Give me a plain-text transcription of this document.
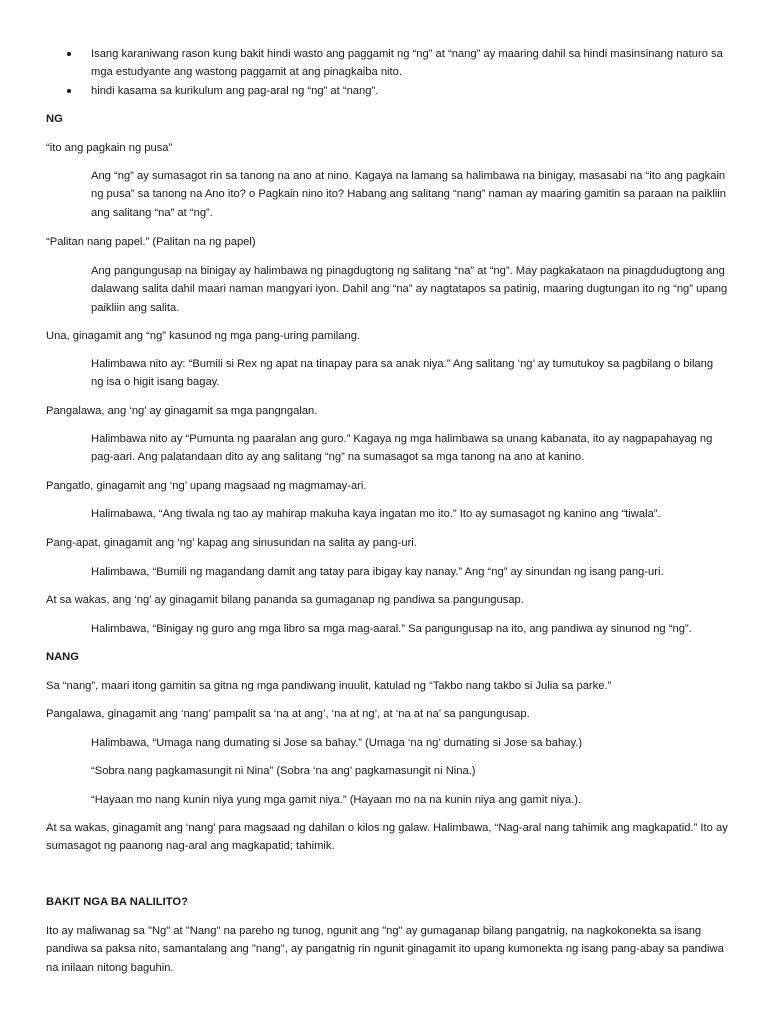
Isang karaniwang rason kung bakit hindi wasto ang paggamit ng “ng” at “nang” ay maaring dahil sa hindi masinsinang naturo sa mga estudyante ang wastong paggamit at ang pinagkaiba nito.

hindi kasama sa kurikulum ang pag-aral ng “ng” at “nang”.

NG

“ito ang pagkain ng pusa”

Ang “ng” ay sumasagot rin sa tanong na ano at nino. Kagaya na lamang sa halimbawa na binigay, masasabi na “ito ang pagkain ng pusa” sa tanong na Ano ito? o Pagkain nino ito? Habang ang salitang “nang” naman ay maaring gamitin sa paraan na paikliin ang salitang “na” at “ng”.

“Palitan nang papel.” (Palitan na ng papel)

Ang pangungusap na binigay ay halimbawa ng pinagdugtong ng salitang “na” at “ng”. May pagkakataon na pinagdudugtong ang dalawang salita dahil maari naman mangyari iyon. Dahil ang “na” ay nagtatapos sa patinig, maaring dugtungan ito ng “ng” upang paikliin ang salita.

Una, ginagamit ang “ng” kasunod ng mga pang-uring pamilang.

Halimbawa nito ay: “Bumili si Rex ng apat na tinapay para sa anak niya.” Ang salitang ‘ng’ ay tumutukoy sa pagbilang o bilang ng isa o higit isang bagay.

Pangalawa, ang ‘ng’ ay ginagamit sa mga pangngalan.

Halimbawa nito ay “Pumunta ng paaralan ang guro.” Kagaya ng mga halimbawa sa unang kabanata, ito ay nagpapahayag ng pag-aari. Ang palatandaan dito ay ang salitang “ng” na sumasagot sa mga tanong na ano at kanino.

Pangatlo, ginagamit ang ‘ng’ upang magsaad ng magmamay-ari.

Halimabawa, “Ang tiwala ng tao ay mahirap makuha kaya ingatan mo ito.” Ito ay sumasagot ng kanino ang “tiwala”.

Pang-apat, ginagamit ang ‘ng’ kapag ang sinusundan na salita ay pang-uri.

Halimbawa, “Bumili ng magandang damit ang tatay para ibigay kay nanay.” Ang “ng” ay sinundan ng isang pang-uri.

At sa wakas, ang ‘ng’ ay ginagamit bilang pananda sa gumaganap ng pandiwa sa pangungusap.

Halimbawa, “Binigay ng guro ang mga libro sa mga mag-aaral.” Sa pangungusap na ito, ang pandiwa ay sinunod ng “ng”.

NANG

Sa “nang”, maari itong gamitin sa gitna ng mga pandiwang inuulit, katulad ng “Takbo nang takbo si Julia sa parke.”

Pangalawa, ginagamit ang ‘nang’ pampalit sa ‘na at ang’, ‘na at ng’, at ‘na at na’ sa pangungusap.

Halimbawa, “Umaga nang dumating si Jose sa bahay.” (Umaga ‘na ng’ dumating si Jose sa bahay.)

“Sobra nang pagkamasungit ni Nina” (Sobra ‘na ang’ pagkamasungit ni Nina.)

“Hayaan mo nang kunin niya yung mga gamit niya.” (Hayaan mo na na kunin niya ang gamit niya.).

At sa wakas, ginagamit ang ‘nang’ para magsaad ng dahilan o kilos ng galaw. Halimbawa, “Nag-aral nang tahimik ang magkapatid.” Ito ay sumasagot ng paanong nag-aral ang magkapatid; tahimik.

BAKIT NGA BA NALILITO?

Ito ay maliwanag sa "Ng" at "Nang" na pareho ng tunog, ngunit ang "ng" ay gumaganap bilang pangatnig, na nagkokonekta sa isang pandiwa sa paksa nito, samantalang ang "nang", ay pangatnig rin ngunit ginagamit ito upang kumonekta ng isang pang-abay sa pandiwa na inilaan nitong baguhin.
